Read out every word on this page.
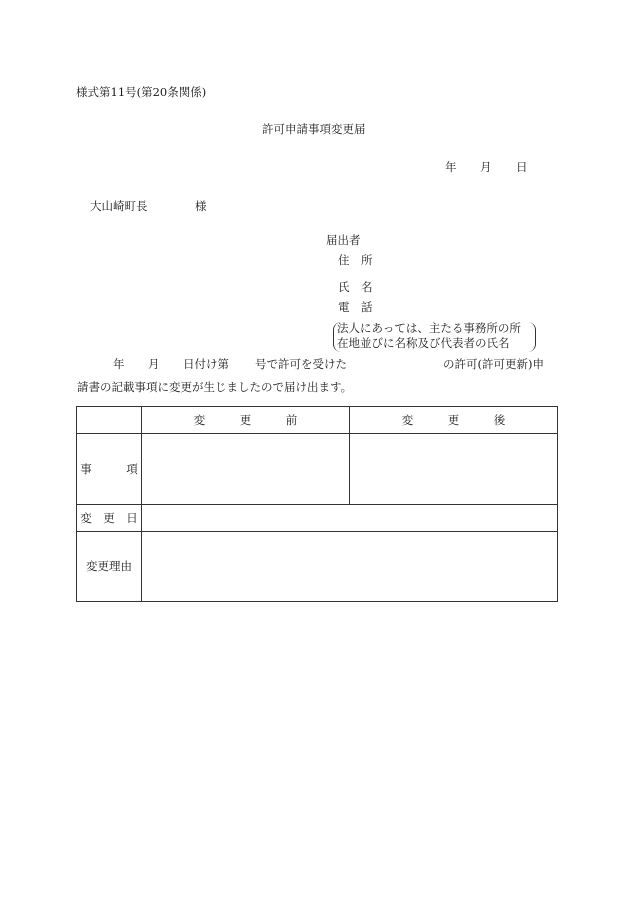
様式第11号(第20条関係)
許可申請事項変更届
年 月 日
大山崎町長	様
届出者
住　所
氏　名
電　話
法人にあっては、主たる事務所の所
在地並びに名称及び代表者の氏名
年 月 日付け第 号で許可を受けた	の許可(許可更新)申
請書の記載事項に変更が生じましたので届け出ます。
	変　　　更　　　前	変　　　更　　　後
事　　　項		
変　更　日		
変更理由		
